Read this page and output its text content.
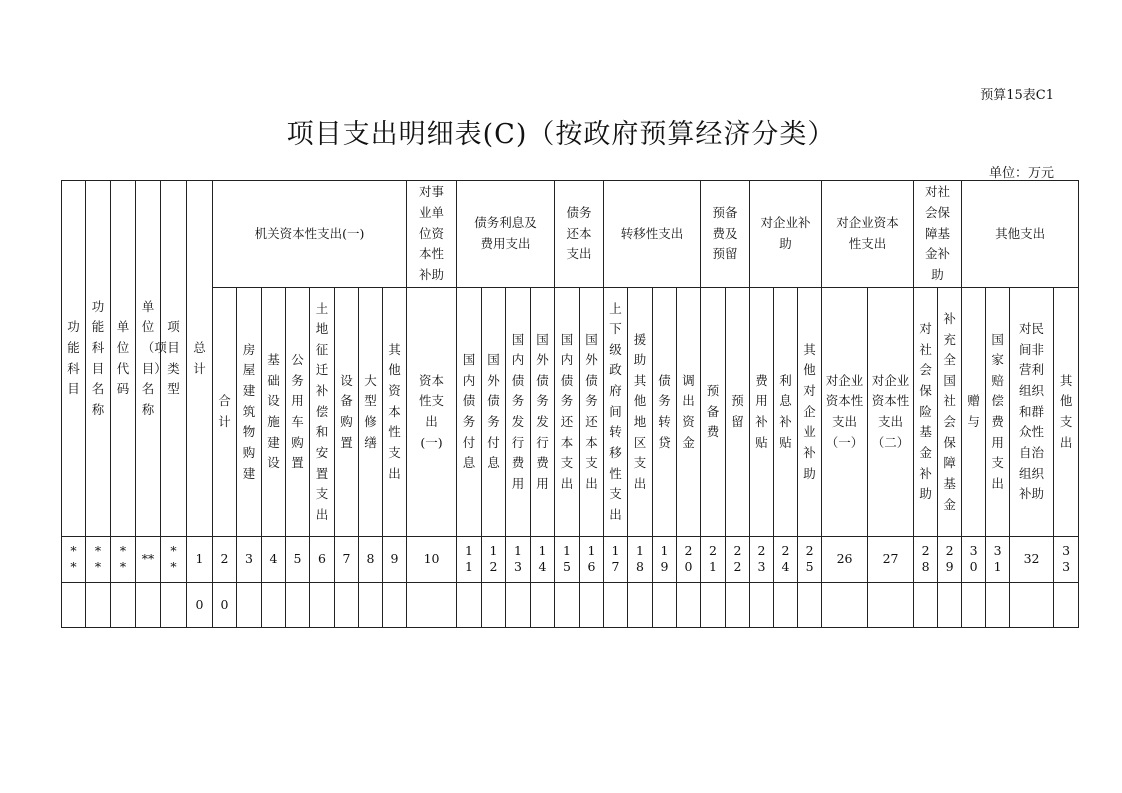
预算15表C1
项目支出明细表(C)（按政府预算经济分类）
单位：万元
功能科目	功能科目名称	单位代码	单位（项目）名称	项目类型	总计	机关资本性支出(一)								对事业单位资本性补助	债务利息及费用支出				债务还本支出		转移性支出				预备费及预留		对企业补助			对企业资本性支出		对社会保障基金补助		其他支出			
						合计	房屋建筑物购建	基础设施建设	公务用车购置	土地征迁补偿和安置支出	设备购置	大型修缮	其他资本性支出	资本性支出(一)	国内债务付息	国外债务付息	国内债务发行费用	国外债务发行费用	国内债务还本支出	国外债务还本支出	上下级政府间转移性支出	援助其他地区支出	债务转贷	调出资金	预备费	预留	费用补贴	利息补贴	其他对企业补助	对企业资本性支出（一）	对企业资本性支出（二）	对社会保险基金补助	补充全国社会保障基金	赠与	国家赔偿费用支出	对民间非营利组织和群众性自治组织补助	其他支出
**	**	**	**	**	1	2	3	4	5	6	7	8	9	10	11	12	13	14	15	16	17	18	19	20	21	22	23	24	25	26	27	28	29	30	31	32	33
					0	0																															
